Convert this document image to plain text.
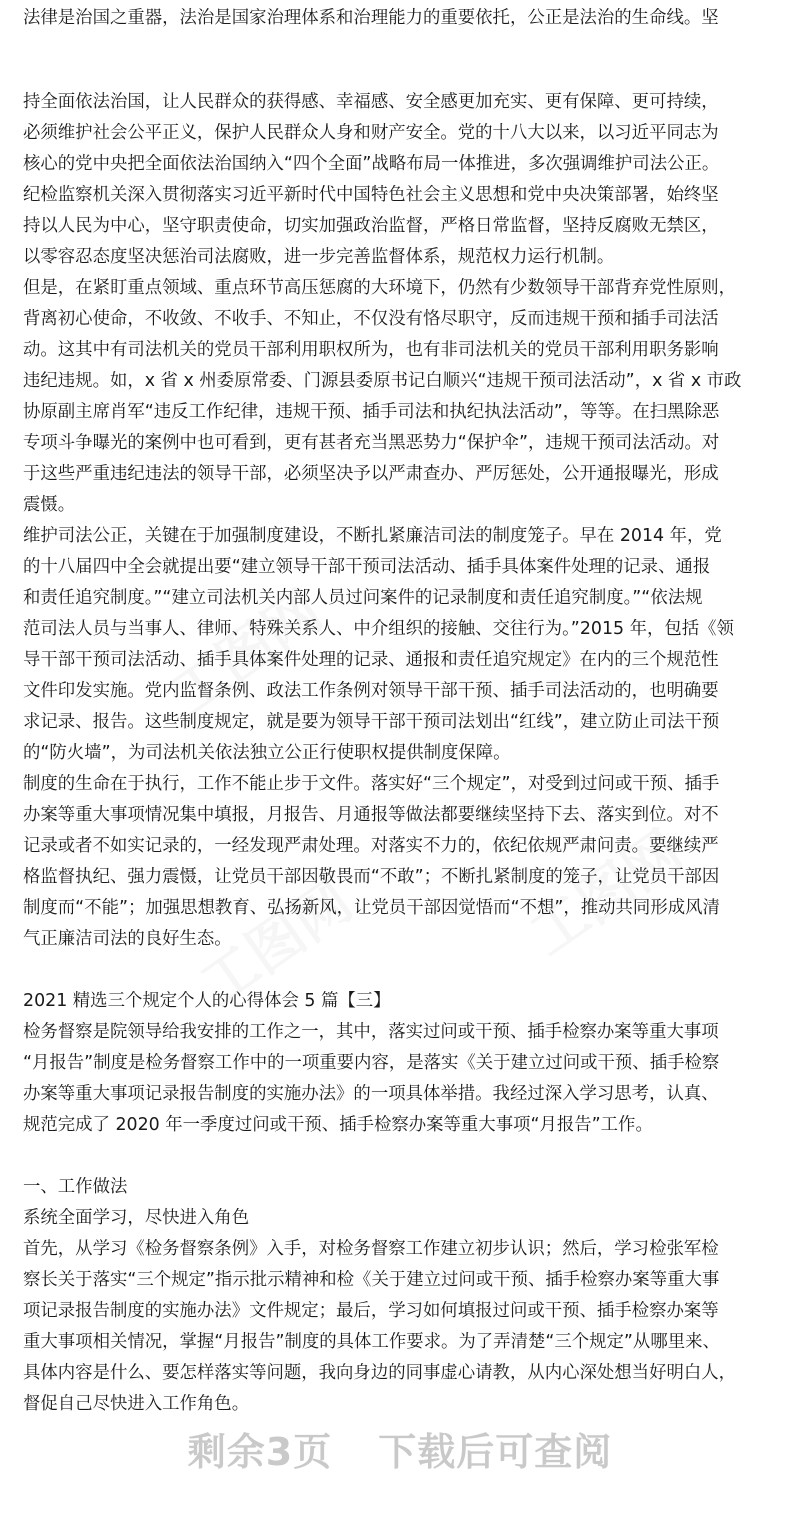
法律是治国之重器，法治是国家治理体系和治理能力的重要依托，公正是法治的生命线。坚
持全面依法治国，让人民群众的获得感、幸福感、安全感更加充实、更有保障、更可持续，
必须维护社会公平正义，保护人民群众人身和财产安全。党的十八大以来，以习近平同志为
核心的党中央把全面依法治国纳入“四个全面”战略布局一体推进，多次强调维护司法公正。
纪检监察机关深入贯彻落实习近平新时代中国特色社会主义思想和党中央决策部署，始终坚
持以人民为中心，坚守职责使命，切实加强政治监督，严格日常监督，坚持反腐败无禁区，
以零容忍态度坚决惩治司法腐败，进一步完善监督体系，规范权力运行机制。
但是，在紧盯重点领域、重点环节高压惩腐的大环境下，仍然有少数领导干部背弃党性原则，
背离初心使命，不收敛、不收手、不知止，不仅没有恪尽职守，反而违规干预和插手司法活
动。这其中有司法机关的党员干部利用职权所为，也有非司法机关的党员干部利用职务影响
违纪违规。如，x 省 x 州委原常委、门源县委原书记白顺兴“违规干预司法活动”，x 省 x 市政
协原副主席肖军“违反工作纪律，违规干预、插手司法和执纪执法活动”，等等。在扫黑除恶
专项斗争曝光的案例中也可看到，更有甚者充当黑恶势力“保护伞”，违规干预司法活动。对
于这些严重违纪违法的领导干部，必须坚决予以严肃查办、严厉惩处，公开通报曝光，形成
震慑。
维护司法公正，关键在于加强制度建设，不断扎紧廉洁司法的制度笼子。早在 2014 年，党
的十八届四中全会就提出要“建立领导干部干预司法活动、插手具体案件处理的记录、通报
和责任追究制度。”“建立司法机关内部人员过问案件的记录制度和责任追究制度。”“依法规
范司法人员与当事人、律师、特殊关系人、中介组织的接触、交往行为。”2015 年，包括《领
导干部干预司法活动、插手具体案件处理的记录、通报和责任追究规定》在内的三个规范性
文件印发实施。党内监督条例、政法工作条例对领导干部干预、插手司法活动的，也明确要
求记录、报告。这些制度规定，就是要为领导干部干预司法划出“红线”，建立防止司法干预
的“防火墙”，为司法机关依法独立公正行使职权提供制度保障。
制度的生命在于执行，工作不能止步于文件。落实好“三个规定”，对受到过问或干预、插手
办案等重大事项情况集中填报，月报告、月通报等做法都要继续坚持下去、落实到位。对不
记录或者不如实记录的，一经发现严肃处理。对落实不力的，依纪依规严肃问责。要继续严
格监督执纪、强力震慑，让党员干部因敬畏而“不敢”；不断扎紧制度的笼子，让党员干部因
制度而“不能”；加强思想教育、弘扬新风，让党员干部因觉悟而“不想”，推动共同形成风清
气正廉洁司法的良好生态。
2021 精选三个规定个人的心得体会 5 篇【三】
检务督察是院领导给我安排的工作之一，其中，落实过问或干预、插手检察办案等重大事项
“月报告”制度是检务督察工作中的一项重要内容，是落实《关于建立过问或干预、插手检察
办案等重大事项记录报告制度的实施办法》的一项具体举措。我经过深入学习思考，认真、
规范完成了 2020 年一季度过问或干预、插手检察办案等重大事项“月报告”工作。
一、工作做法
系统全面学习，尽快进入角色
首先，从学习《检务督察条例》入手，对检务督察工作建立初步认识；然后，学习检张军检
察长关于落实“三个规定”指示批示精神和检《关于建立过问或干预、插手检察办案等重大事
项记录报告制度的实施办法》文件规定；最后，学习如何填报过问或干预、插手检察办案等
重大事项相关情况，掌握“月报告”制度的具体工作要求。为了弄清楚“三个规定”从哪里来、
具体内容是什么、要怎样落实等问题，我向身边的同事虚心请教，从内心深处想当好明白人，
督促自己尽快进入工作角色。
剩余3页 下载后可查阅
